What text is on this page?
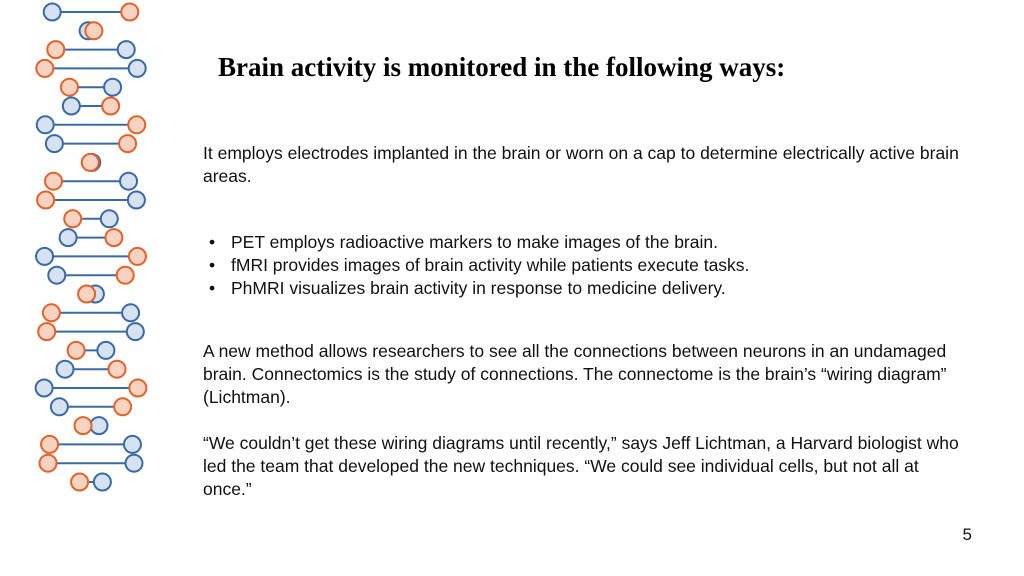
Brain activity is monitored in the following ways:
It employs electrodes implanted in the brain or worn on a cap to determine electrically active brain areas.
• PET employs radioactive markers to make images of the brain.
• fMRI provides images of brain activity while patients execute tasks.
• PhMRI visualizes brain activity in response to medicine delivery.
A new method allows researchers to see all the connections between neurons in an undamaged brain. Connectomics is the study of connections. The connectome is the brain’s “wiring diagram” (Lichtman).
“We couldn’t get these wiring diagrams until recently,” says Jeff Lichtman, a Harvard biologist who led the team that developed the new techniques. “We could see individual cells, but not all at once.”
5
